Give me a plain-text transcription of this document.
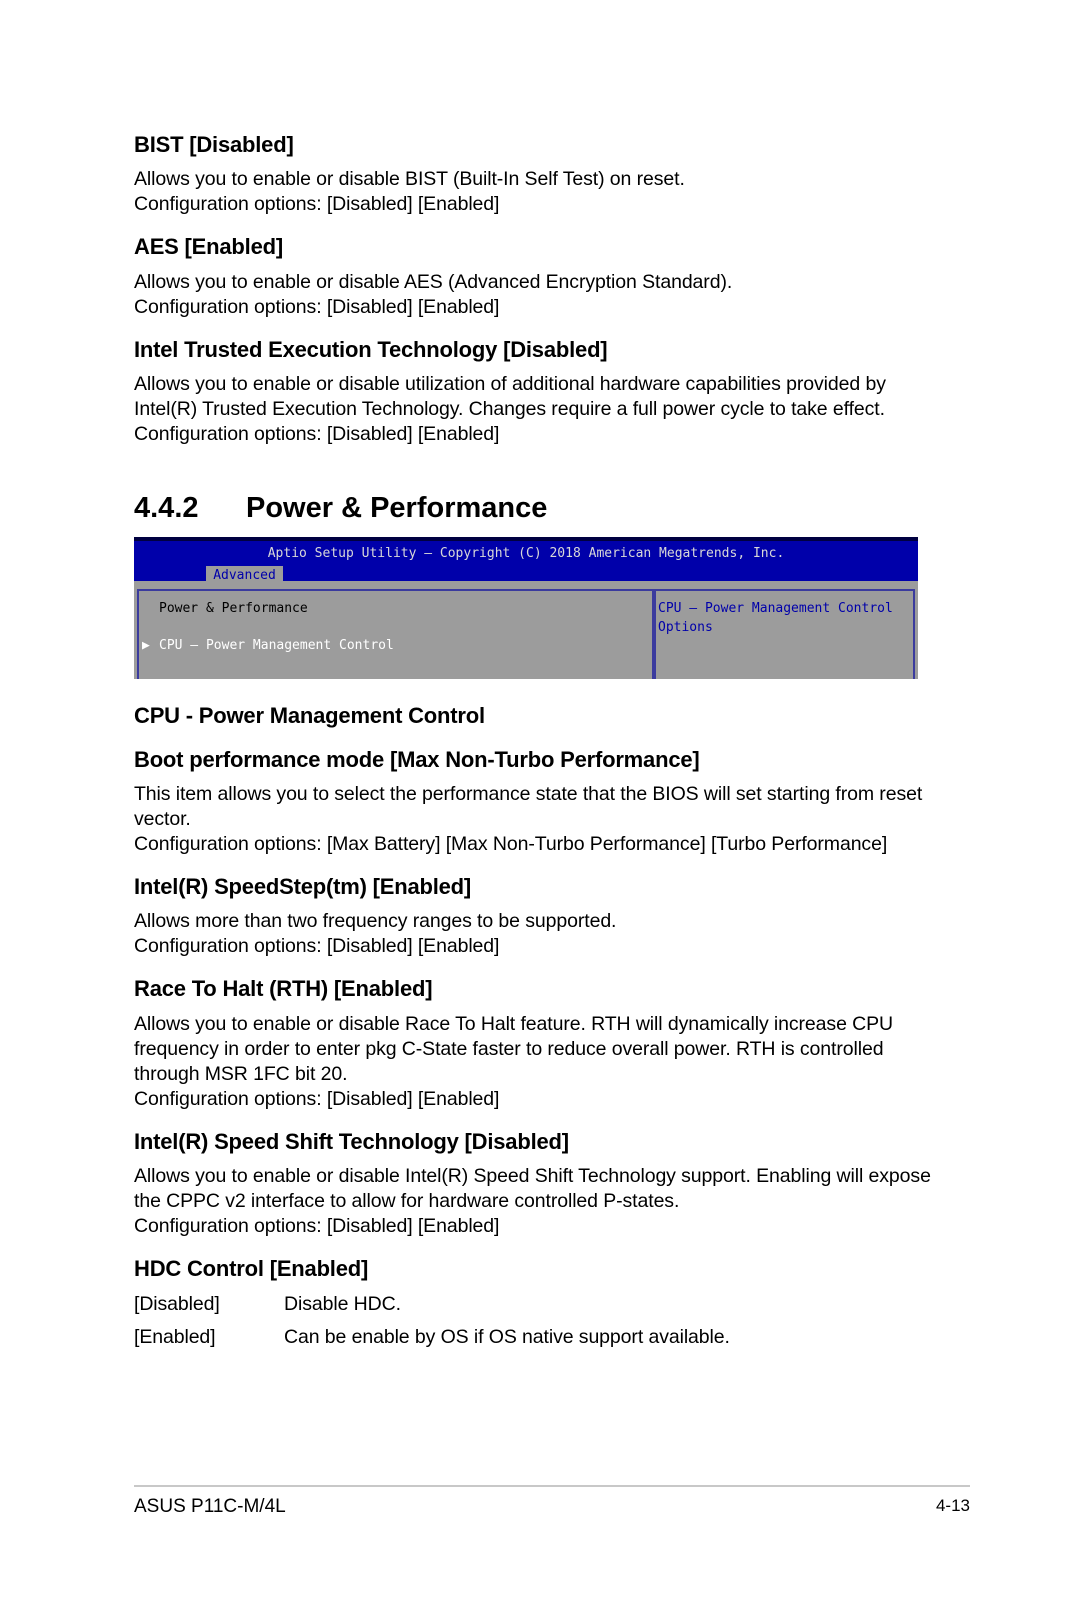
BIST [Disabled]
Allows you to enable or disable BIST (Built-In Self Test) on reset.
Configuration options: [Disabled] [Enabled]
AES [Enabled]
Allows you to enable or disable AES (Advanced Encryption Standard).
Configuration options: [Disabled] [Enabled]
Intel Trusted Execution Technology [Disabled]
Allows you to enable or disable utilization of additional hardware capabilities provided by
Intel(R) Trusted Execution Technology. Changes require a full power cycle to take effect.
Configuration options: [Disabled] [Enabled]
4.4.2 Power & Performance
Aptio Setup Utility – Copyright (C) 2018 American Megatrends, Inc.
Advanced
Power & Performance
▶ CPU – Power Management Control
CPU – Power Management Control
Options
CPU - Power Management Control
Boot performance mode [Max Non-Turbo Performance]
This item allows you to select the performance state that the BIOS will set starting from reset
vector.
Configuration options: [Max Battery] [Max Non-Turbo Performance] [Turbo Performance]
Intel(R) SpeedStep(tm) [Enabled]
Allows more than two frequency ranges to be supported.
Configuration options: [Disabled] [Enabled]
Race To Halt (RTH) [Enabled]
Allows you to enable or disable Race To Halt feature. RTH will dynamically increase CPU
frequency in order to enter pkg C-State faster to reduce overall power. RTH is controlled
through MSR 1FC bit 20.
Configuration options: [Disabled] [Enabled]
Intel(R) Speed Shift Technology [Disabled]
Allows you to enable or disable Intel(R) Speed Shift Technology support. Enabling will expose
the CPPC v2 interface to allow for hardware controlled P-states.
Configuration options: [Disabled] [Enabled]
HDC Control [Enabled]
[Disabled]	Disable HDC.
[Enabled]	Can be enable by OS if OS native support available.
ASUS P11C-M/4L	4-13
